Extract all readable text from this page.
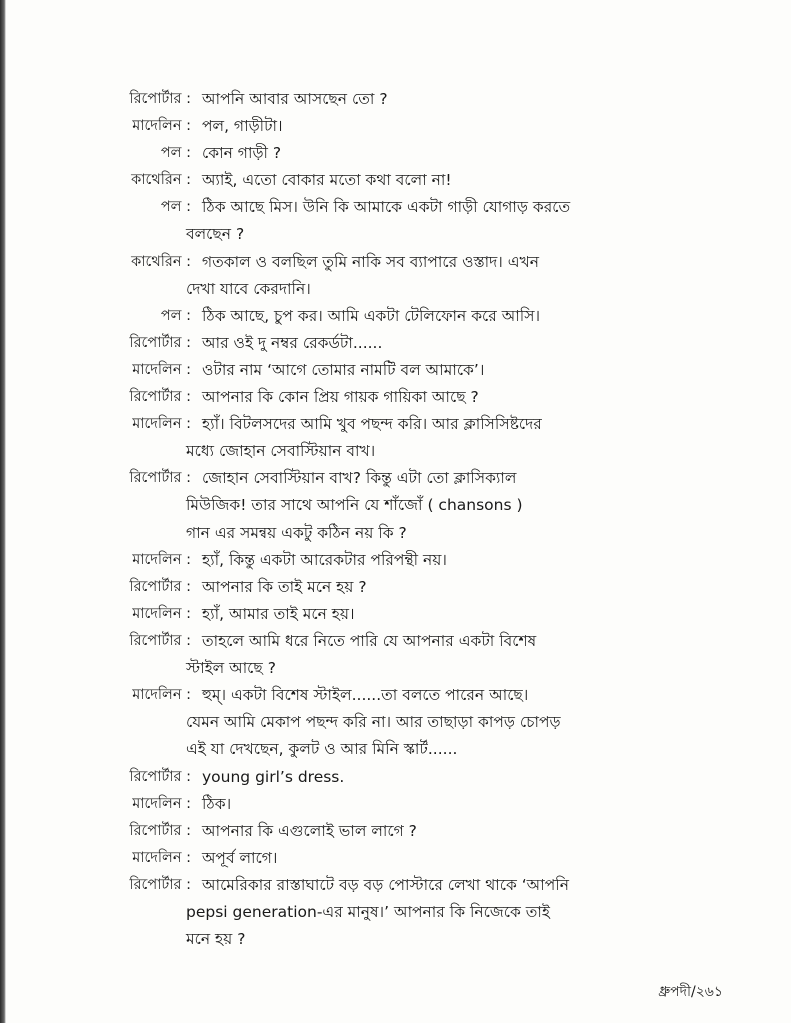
রিপোর্টার : আপনি আবার আসছেন তো ?
মাদেলিন : পল, গাড়ীটা।
পল : কোন গাড়ী ?
কাথেরিন : অ্যাই, এতো বোকার মতো কথা বলো না!
পল : ঠিক আছে মিস। উনি কি আমাকে একটা গাড়ী যোগাড় করতে
বলছেন ?
কাথেরিন : গতকাল ও বলছিল তুমি নাকি সব ব্যাপারে ওস্তাদ। এখন
দেখা যাবে কেরদানি।
পল : ঠিক আছে, চুপ কর। আমি একটা টেলিফোন করে আসি।
রিপোর্টার : আর ওই দু নম্বর রেকর্ডটা......
মাদেলিন : ওটার নাম ‘আগে তোমার নামটি বল আমাকে’।
রিপোর্টার : আপনার কি কোন প্রিয় গায়ক গায়িকা আছে ?
মাদেলিন : হ্যাঁ। বিটলসদের আমি খুব পছন্দ করি। আর ক্লাসিসিষ্টদের
মধ্যে জোহান সেবাস্টিয়ান বাখ।
রিপোর্টার : জোহান সেবাস্টিয়ান বাখ? কিন্তু এটা তো ক্লাসিক্যাল
মিউজিক! তার সাথে আপনি যে শাঁজোঁ ( chansons )
গান এর সমন্বয় একটু কঠিন নয় কি ?
মাদেলিন : হ্যাঁ, কিন্তু একটা আরেকটার পরিপন্থী নয়।
রিপোর্টার : আপনার কি তাই মনে হয় ?
মাদেলিন : হ্যাঁ, আমার তাই মনে হয়।
রিপোর্টার : তাহলে আমি ধরে নিতে পারি যে আপনার একটা বিশেষ
স্টাইল আছে ?
মাদেলিন : হুম্। একটা বিশেষ স্টাইল......তা বলতে পারেন আছে।
যেমন আমি মেকাপ পছন্দ করি না। আর তাছাড়া কাপড় চোপড়
এই যা দেখছেন, কুলট ও আর মিনি স্কার্ট......
রিপোর্টার : young girl’s dress.
মাদেলিন : ঠিক।
রিপোর্টার : আপনার কি এগুলোই ভাল লাগে ?
মাদেলিন : অপূর্ব লাগে।
রিপোর্টার : আমেরিকার রাস্তাঘাটে বড় বড় পোস্টারে লেখা থাকে ‘আপনি
pepsi generation-এর মানুষ।’ আপনার কি নিজেকে তাই
মনে হয় ?
ধ্রুপদী/২৬১
